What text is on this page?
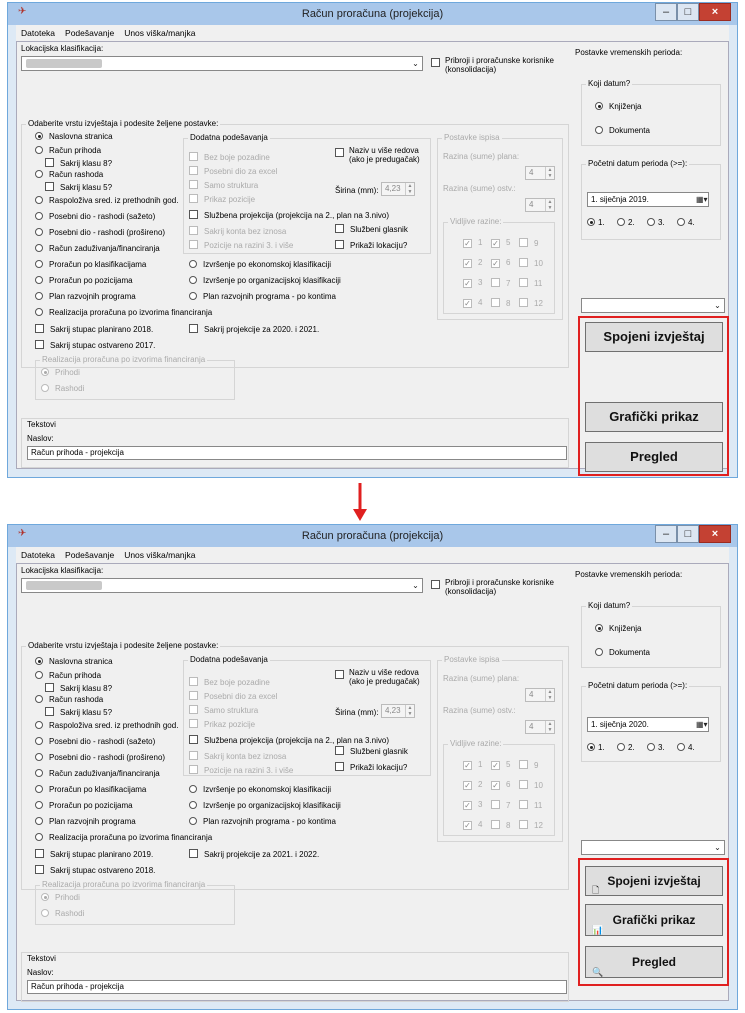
✈	Račun proračuna (projekcija)	–	□	×
Datoteka Podešavanje Unos viška/manjka
Lokacijska klasifikacija:
⌄	Pribroji i proračunske korisnike (konsolidacija)
Odaberite vrstu izvještaja i podesite željene postavke:
Naslovna stranica
Račun prihoda
Sakrij klasu 8?
Račun rashoda
Sakrij klasu 5?
Raspoloživa sred. iz prethodnih god.
Posebni dio - rashodi (sažeto)
Posebni dio - rashodi (prošireno)
Račun zaduživanja/financiranja
Proračun po klasifikacijama
Proračun po pozicijama
Plan razvojnih programa
Realizacija proračuna po izvorima financiranja
Sakrij stupac planirano 2018.
Sakrij stupac ostvareno 2017.
Dodatna podešavanja
Bez boje pozadine
Posebni dio za excel
Samo struktura
Prikaz pozicije
Službena projekcija (projekcija na 2., plan na 3.nivo)
Sakrij konta bez iznosa
Pozicije na razini 3. i više
Naziv u više redova (ako je predugačak)
Širina (mm): 4,23	▲
▼
Službeni glasnik
Prikaži lokaciju?
Izvršenje po ekonomskoj klasifikaciji
Izvršenje po organizacijskoj klasifikaciji
Plan razvojnih programa - po kontima
Sakrij projekcije za 2020. i 2021.
Postavke ispisa
Razina (sume) plana:
4	▲
▼
Razina (sume) ostv.:
4	▲
▼
Vidljive razine:
✓ 1 ✓ 5	9
✓ 2 ✓ 6	10
✓ 3	7	11
✓ 4	8	12
Realizacija proračuna po izvorima financiranja
Prihodi
Rashodi
Tekstovi
Naslov:
Račun prihoda - projekcija
Postavke vremenskih perioda:
Koji datum?
Knjiženja
Dokumenta
Početni datum perioda (>=):
1. siječnja 2019.	▦▾
1.	2.	3.	4.
⌄
Spojeni izvještaj
Grafički prikaz
Pregled
✈	Račun proračuna (projekcija)	–	□	×
Datoteka Podešavanje Unos viška/manjka
Lokacijska klasifikacija:
⌄	Pribroji i proračunske korisnike (konsolidacija)
Odaberite vrstu izvještaja i podesite željene postavke:
Naslovna stranica
Račun prihoda
Sakrij klasu 8?
Račun rashoda
Sakrij klasu 5?
Raspoloživa sred. iz prethodnih god.
Posebni dio - rashodi (sažeto)
Posebni dio - rashodi (prošireno)
Račun zaduživanja/financiranja
Proračun po klasifikacijama
Proračun po pozicijama
Plan razvojnih programa
Realizacija proračuna po izvorima financiranja
Sakrij stupac planirano 2019.
Sakrij stupac ostvareno 2018.
Dodatna podešavanja
Bez boje pozadine
Posebni dio za excel
Samo struktura
Prikaz pozicije
Službena projekcija (projekcija na 2., plan na 3.nivo)
Sakrij konta bez iznosa
Pozicije na razini 3. i više
Naziv u više redova (ako je predugačak)
Širina (mm): 4,23	▲
▼
Službeni glasnik
Prikaži lokaciju?
Izvršenje po ekonomskoj klasifikaciji
Izvršenje po organizacijskoj klasifikaciji
Plan razvojnih programa - po kontima
Sakrij projekcije za 2021. i 2022.
Postavke ispisa
Razina (sume) plana:
4	▲
▼
Razina (sume) ostv.:
4	▲
▼
Vidljive razine:
✓ 1 ✓ 5	9
✓ 2 ✓ 6	10
✓ 3	7	11
✓ 4	8	12
Realizacija proračuna po izvorima financiranja
Prihodi
Rashodi
Tekstovi
Naslov:
Račun prihoda - projekcija
Postavke vremenskih perioda:
Koji datum?
Knjiženja
Dokumenta
Početni datum perioda (>=):
1. siječnja 2020.	▦▾
1.	2.	3.	4.
⌄
🗋
Spojeni izvještaj
📊
Grafički prikaz
🔍
Pregled
